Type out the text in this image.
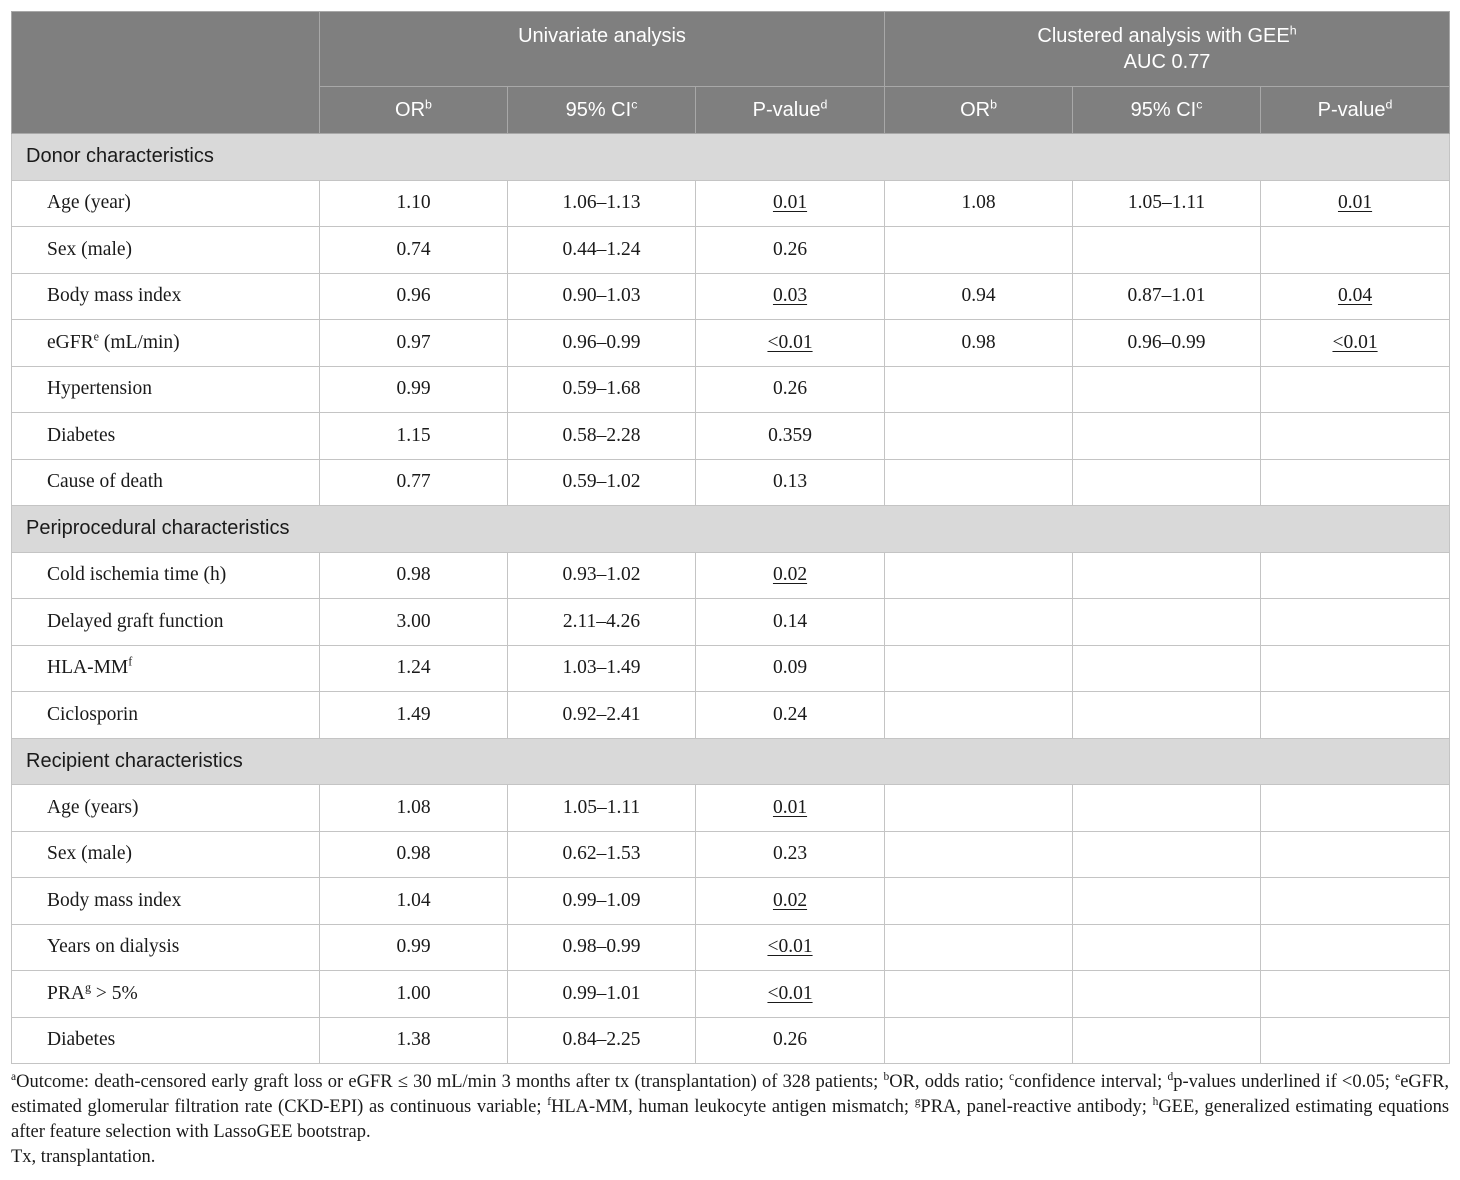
	Univariate analysis			Clustered analysis with GEE$^h$
AUC 0.77		

	$OR^b$	95% $CI^c$	P-value$^d$	$OR^b$	95% $CI^c$	P-value$^d$
Donor characteristics						
Age (year)	1.10	1.06–1.13	0.01	1.08	1.05–1.11	0.01
Sex (male)	0.74	0.44–1.24	0.26			
Body mass index	0.96	0.90–1.03	0.03	0.94	0.87–1.01	0.04
eGFR$^e$ (mL/min)	0.97	0.96–0.99	<0.01	0.98	0.96–0.99	<0.01
Hypertension	0.99	0.59–1.68	0.26			
Diabetes	1.15	0.58–2.28	0.359			
Cause of death	0.77	0.59–1.02	0.13			
Periprocedural characteristics						
Cold ischemia time (h)	0.98	0.93–1.02	0.02			
Delayed graft function	3.00	2.11–4.26	0.14			
HLA-$MM^f$	1.24	1.03–1.49	0.09			
Ciclosporin	1.49	0.92–2.41	0.24			
Recipient characteristics						
Age (years)	1.08	1.05–1.11	0.01			
Sex (male)	0.98	0.62–1.53	0.23			
Body mass index	1.04	0.99–1.09	0.02			
Years on dialysis	0.99	0.98–0.99	<0.01			
$PRA^g > 5\%$	1.00	0.99–1.01	<0.01			
Diabetes	1.38	0.84–2.25	0.26			

$^a$Outcome: death-censored early graft loss or eGFR ≤ 30 mL/min 3 months after tx (transplantation) of 328 patients; $^b$OR, odds ratio; $^c$confidence interval; $^d$p-values underlined if <0.05; $^e$eGFR, estimated glomerular filtration rate (CKD-EPI) as continuous variable; $^f$HLA-MM, human leukocyte antigen mismatch; $^g$PRA, panel-reactive antibody; $^h$GEE, generalized estimating equations after feature selection with LassoGEE bootstrap.

Tx, transplantation.
